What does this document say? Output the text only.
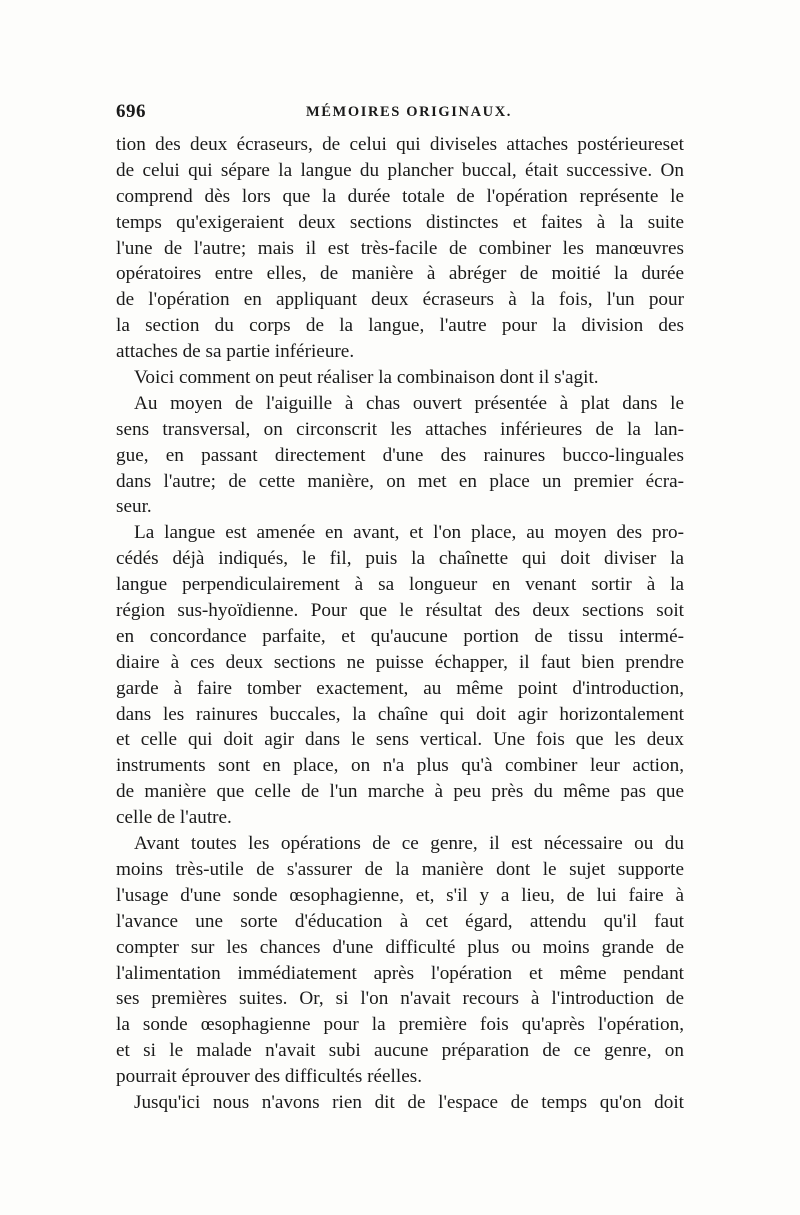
696	MÉMOIRES ORIGINAUX.
tion des deux écraseurs, de celui qui diviseles attaches postérieureset
de celui qui sépare la langue du plancher buccal, était successive. On
comprend dès lors que la durée totale de l'opération représente le
temps qu'exigeraient deux sections distinctes et faites à la suite
l'une de l'autre; mais il est très-facile de combiner les manœuvres
opératoires entre elles, de manière à abréger de moitié la durée
de l'opération en appliquant deux écraseurs à la fois, l'un pour
la section du corps de la langue, l'autre pour la division des
attaches de sa partie inférieure.
Voici comment on peut réaliser la combinaison dont il s'agit.
Au moyen de l'aiguille à chas ouvert présentée à plat dans le
sens transversal, on circonscrit les attaches inférieures de la lan-
gue, en passant directement d'une des rainures bucco-linguales
dans l'autre; de cette manière, on met en place un premier écra-
seur.
La langue est amenée en avant, et l'on place, au moyen des pro-
cédés déjà indiqués, le fil, puis la chaînette qui doit diviser la
langue perpendiculairement à sa longueur en venant sortir à la
région sus-hyoïdienne. Pour que le résultat des deux sections soit
en concordance parfaite, et qu'aucune portion de tissu intermé-
diaire à ces deux sections ne puisse échapper, il faut bien prendre
garde à faire tomber exactement, au même point d'introduction,
dans les rainures buccales, la chaîne qui doit agir horizontalement
et celle qui doit agir dans le sens vertical. Une fois que les deux
instruments sont en place, on n'a plus qu'à combiner leur action,
de manière que celle de l'un marche à peu près du même pas que
celle de l'autre.
Avant toutes les opérations de ce genre, il est nécessaire ou du
moins très-utile de s'assurer de la manière dont le sujet supporte
l'usage d'une sonde œsophagienne, et, s'il y a lieu, de lui faire à
l'avance une sorte d'éducation à cet égard, attendu qu'il faut
compter sur les chances d'une difficulté plus ou moins grande de
l'alimentation immédiatement après l'opération et même pendant
ses premières suites. Or, si l'on n'avait recours à l'introduction de
la sonde œsophagienne pour la première fois qu'après l'opération,
et si le malade n'avait subi aucune préparation de ce genre, on
pourrait éprouver des difficultés réelles.
Jusqu'ici nous n'avons rien dit de l'espace de temps qu'on doit
